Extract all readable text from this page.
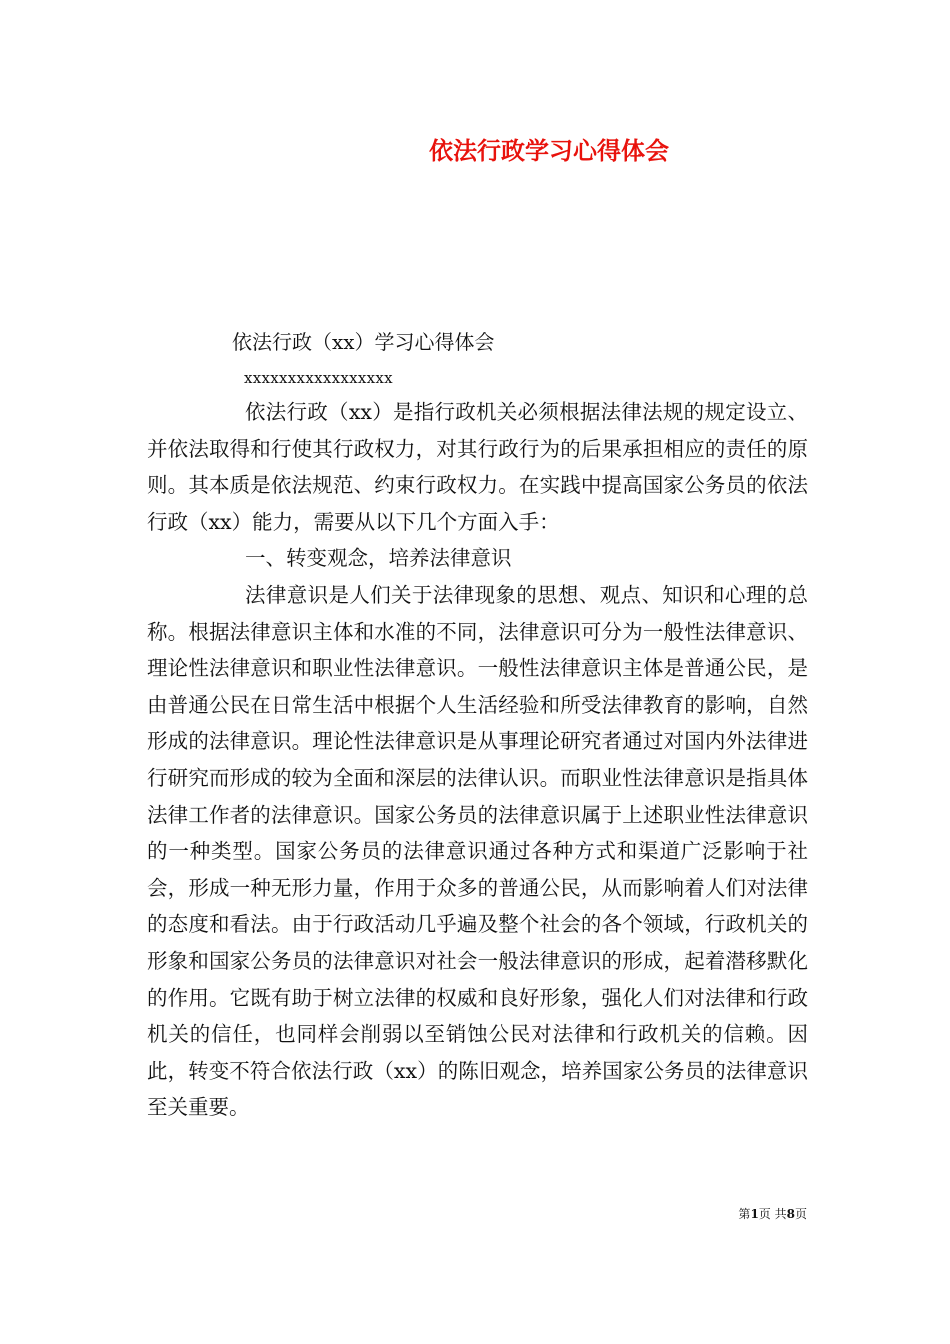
依法行政学习心得体会
依法行政（xx）学习心得体会
xxxxxxxxxxxxxxxxx

依法行政（xx）是指行政机关必须根据法律法规的规定设立、并依法取得和行使其行政权力，对其行政行为的后果承担相应的责任的原则。其本质是依法规范、约束行政权力。在实践中提高国家公务员的依法行政（xx）能力，需要从以下几个方面入手：

一、转变观念，培养法律意识

法律意识是人们关于法律现象的思想、观点、知识和心理的总称。根据法律意识主体和水准的不同，法律意识可分为一般性法律意识、理论性法律意识和职业性法律意识。一般性法律意识主体是普通公民，是由普通公民在日常生活中根据个人生活经验和所受法律教育的影响，自然形成的法律意识。理论性法律意识是从事理论研究者通过对国内外法律进行研究而形成的较为全面和深层的法律认识。而职业性法律意识是指具体法律工作者的法律意识。国家公务员的法律意识属于上述职业性法律意识的一种类型。国家公务员的法律意识通过各种方式和渠道广泛影响于社会，形成一种无形力量，作用于众多的普通公民，从而影响着人们对法律的态度和看法。由于行政活动几乎遍及整个社会的各个领域，行政机关的形象和国家公务员的法律意识对社会一般法律意识的形成，起着潜移默化的作用。它既有助于树立法律的权威和良好形象，强化人们对法律和行政机关的信任，也同样会削弱以至销蚀公民对法律和行政机关的信赖。因此，转变不符合依法行政（xx）的陈旧观念，培养国家公务员的法律意识至关重要。

第1页 共8页
